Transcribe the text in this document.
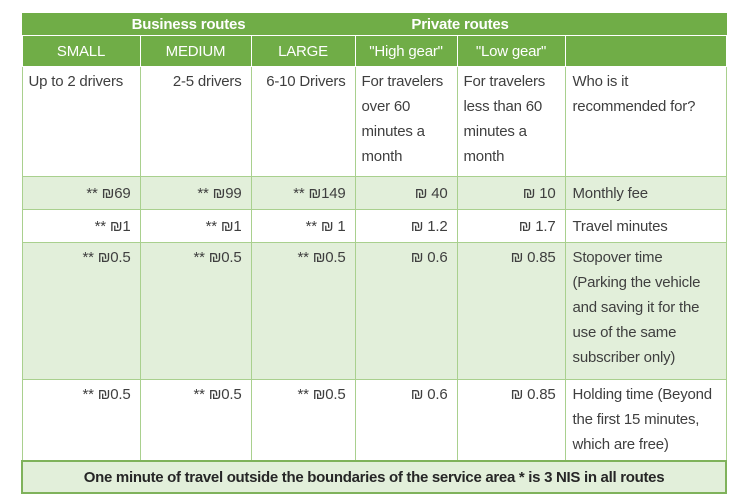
Business routes			Private routes		
SMALL	MEDIUM	LARGE	"High gear"	"Low gear"	
Up to 2 drivers	2-5 drivers	6-10 Drivers	For travelers over 60 minutes a month	For travelers less than 60 minutes a month	Who is it recommended for?
** ₪69	** ₪99	** ₪149	₪ 40	₪ 10	Monthly fee
** ₪1	** ₪1	** ₪ 1	₪ 1.2	₪ 1.7	Travel minutes
** ₪0.5	** ₪0.5	** ₪0.5	₪ 0.6	₪ 0.85	Stopover time (Parking the vehicle and saving it for the use of the same subscriber only)
** ₪0.5	** ₪0.5	** ₪0.5	₪ 0.6	₪ 0.85	Holding time (Beyond the first 15 minutes, which are free)
One minute of travel outside the boundaries of the service area * is 3 NIS in all routes					
